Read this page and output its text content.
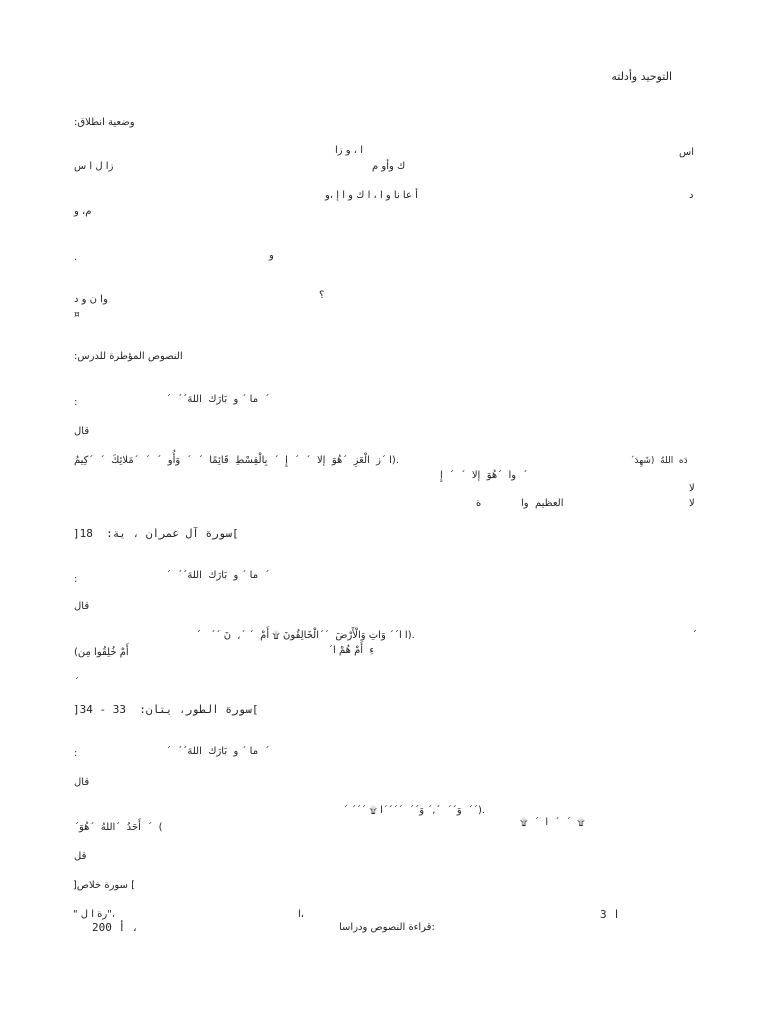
التوحيد وأدلته
وضعية انطلاق:
اس
ا ، و زا
ك وأو م
زا ل ا س
د
أ عا نا و ا ، ا ك و ا إ ،و
م، و
و
.
؟
وا ن و د
¤
النصوص المؤطرة للدرس:
´  ´´ما ´ و  بَارَك  اللهَ  ´
:
قال
ا ´ز  الْعَزِ  ´هُوَ  إلا  ´  ´  إِ  ´  بِالْقِسْطِ  قَائِمًا  ´  ´  وَأُو  ´  ´  ´مَلائِكَ  ´  ´كِيمُ).	´دَه  اللهُ  (شَهِدَ
وا  ´هُوَ  إلا  ´  ´  إِ  ´
لا
لا
العظيم  وا
ة
]سورة آل عمران ، ية:  18[
´  ´´ما ´ و  بَارَك  اللهَ  ´
:
قال
´   ´´ ا ا´´ وَاتِ وَالْأَرْضَ  ´´الْخَالِقُونَ ۩ أَمْ  ´ ´,  نَ).	´
´ءِ  أَمْ هُمْ ا
(أَمْ خُلِقُوا مِن
´
]سورة الطور، يتان:  33 - 34[
´  ´´ما ´ و  بَارَك  اللهَ  ´
:
قال
´ ´´´ ۩ وَ´´  ´,´ وَ´´  ´´´´ا  ´´).
۩  ´  ا  ´  ´  ۩
´أَحَدُ  ´اللهُ  ´هُوَ  ´  (
قل
]سورة خلاص [
3 ا
ا،
" رة ا ل"،
قراءة النصوص ودراسا:
200 أ ،
